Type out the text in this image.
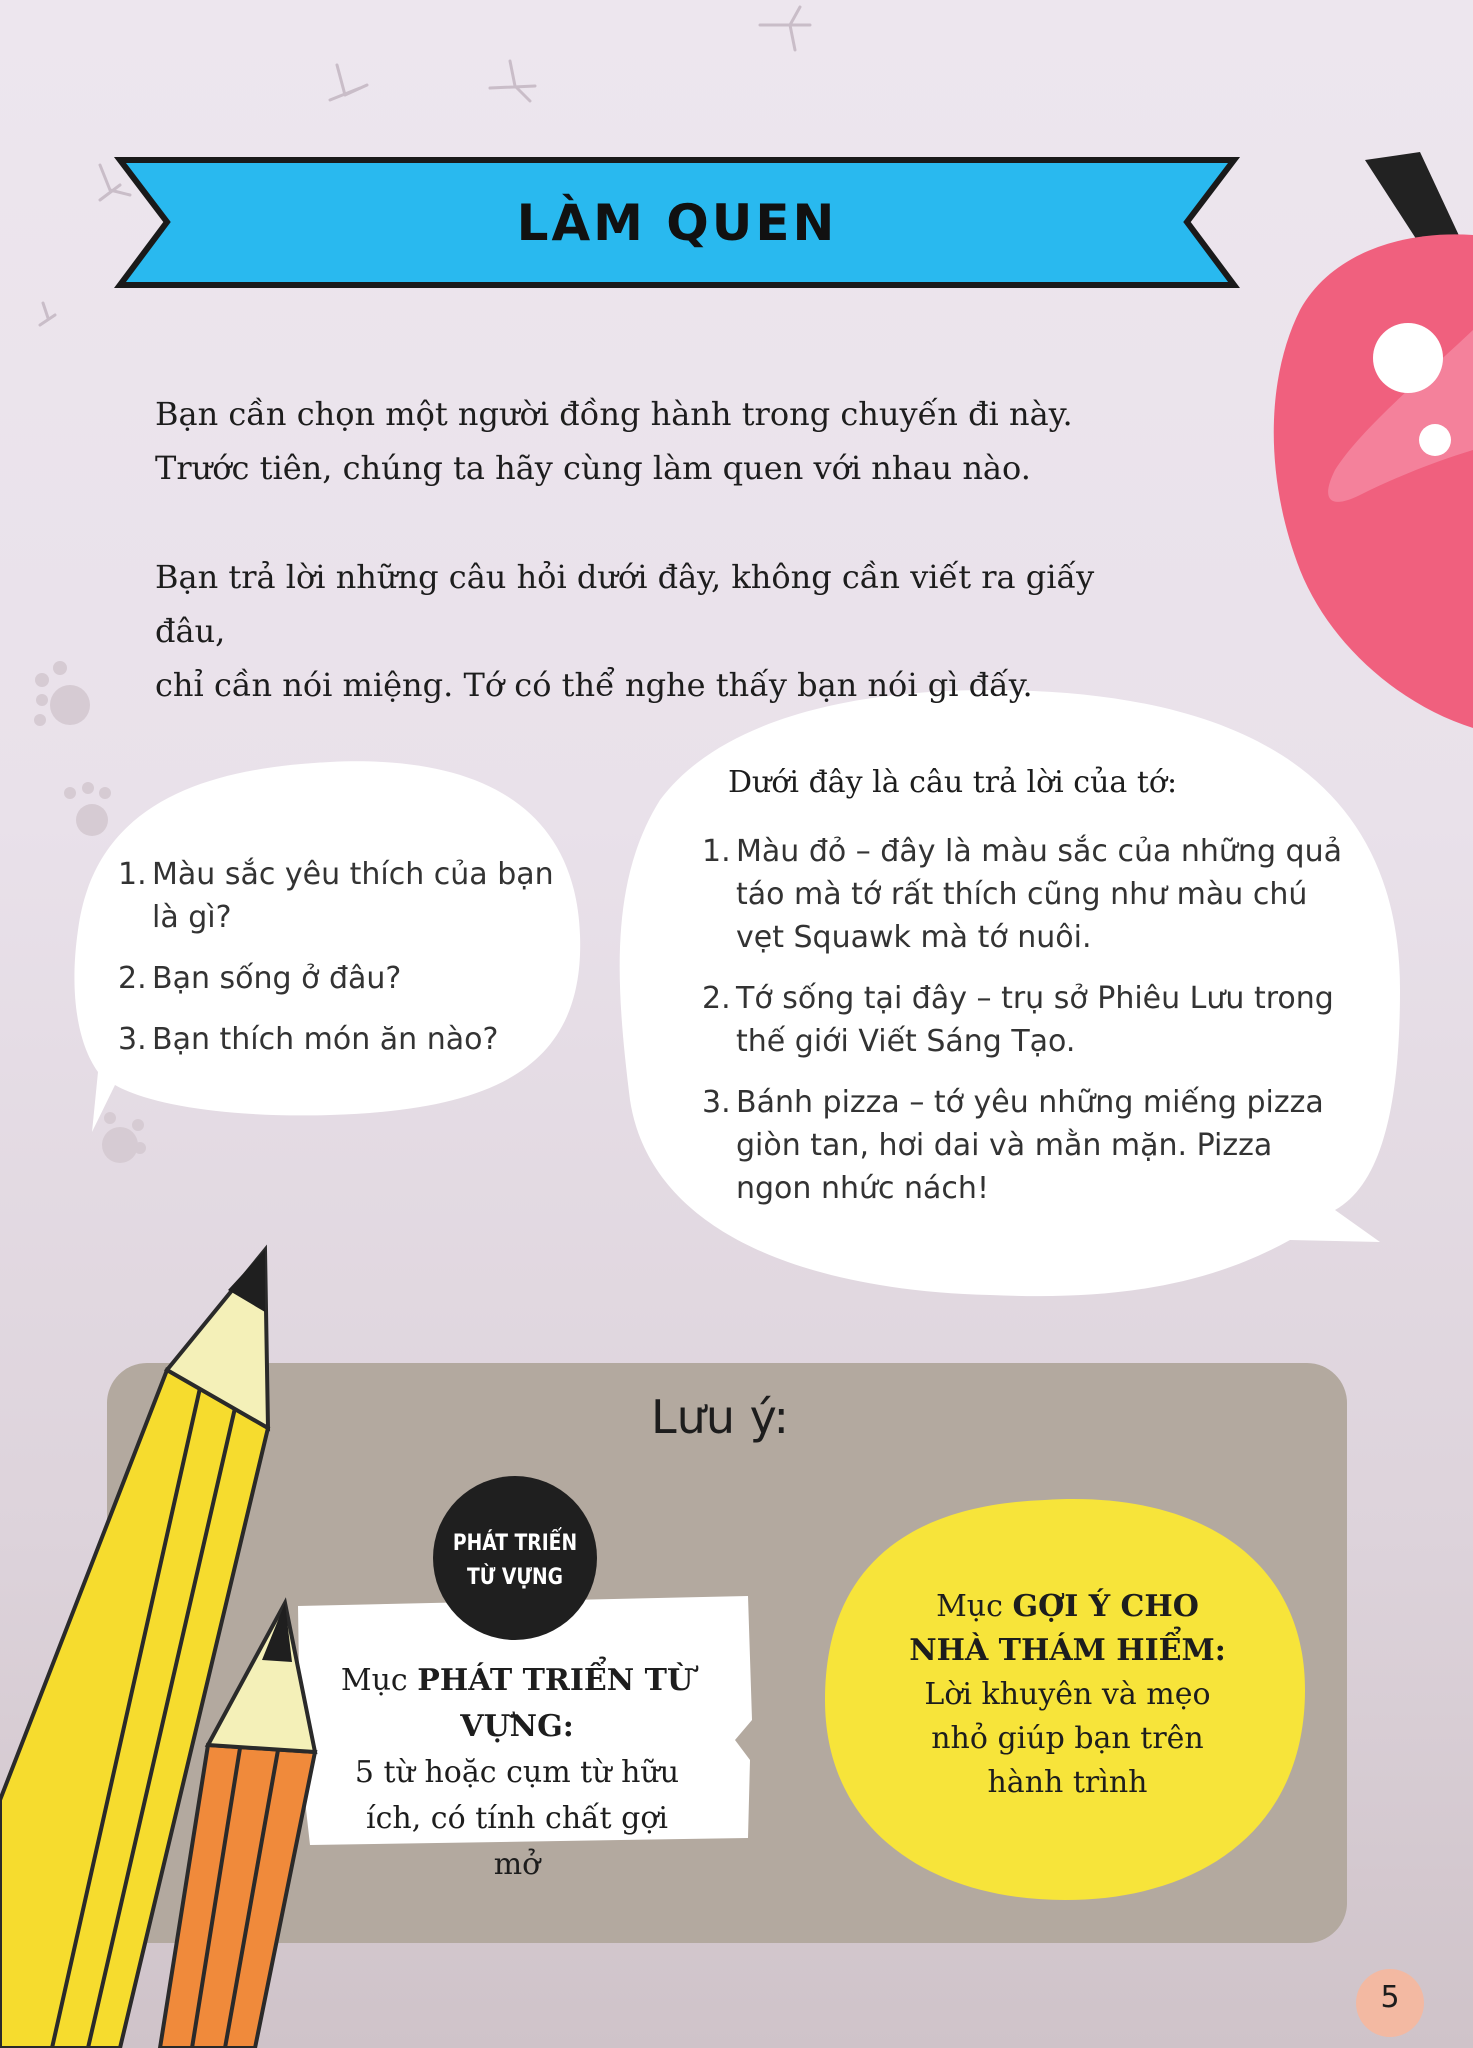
LÀM QUEN

Bạn cần chọn một người đồng hành trong chuyến đi này.

Trước tiên, chúng ta hãy cùng làm quen với nhau nào.

Bạn trả lời những câu hỏi dưới đây, không cần viết ra giấy đâu,

chỉ cần nói miệng. Tớ có thể nghe thấy bạn nói gì đấy.

1. Màu sắc yêu thích của bạn là gì?
2. Bạn sống ở đâu?
3. Bạn thích món ăn nào?
Dưới đây là câu trả lời của tớ:
1. Màu đỏ – đây là màu sắc của những quả táo mà tớ rất thích cũng như màu chú vẹt Squawk mà tớ nuôi.
2. Tớ sống tại đây – trụ sở Phiêu Lưu trong thế giới Viết Sáng Tạo.
3. Bánh pizza – tớ yêu những miếng pizza giòn tan, hơi dai và mằn mặn. Pizza ngon nhức nách!
Lưu ý:
PHÁT TRIỂN
TỪ VỰNG
Mục PHÁT TRIỂN TỪ VỰNG:
5 từ hoặc cụm từ hữu ích, có tính chất gợi mở
Mục GỢI Ý CHO
NHÀ THÁM HIỂM:
Lời khuyên và mẹo nhỏ giúp bạn trên hành trình
5
